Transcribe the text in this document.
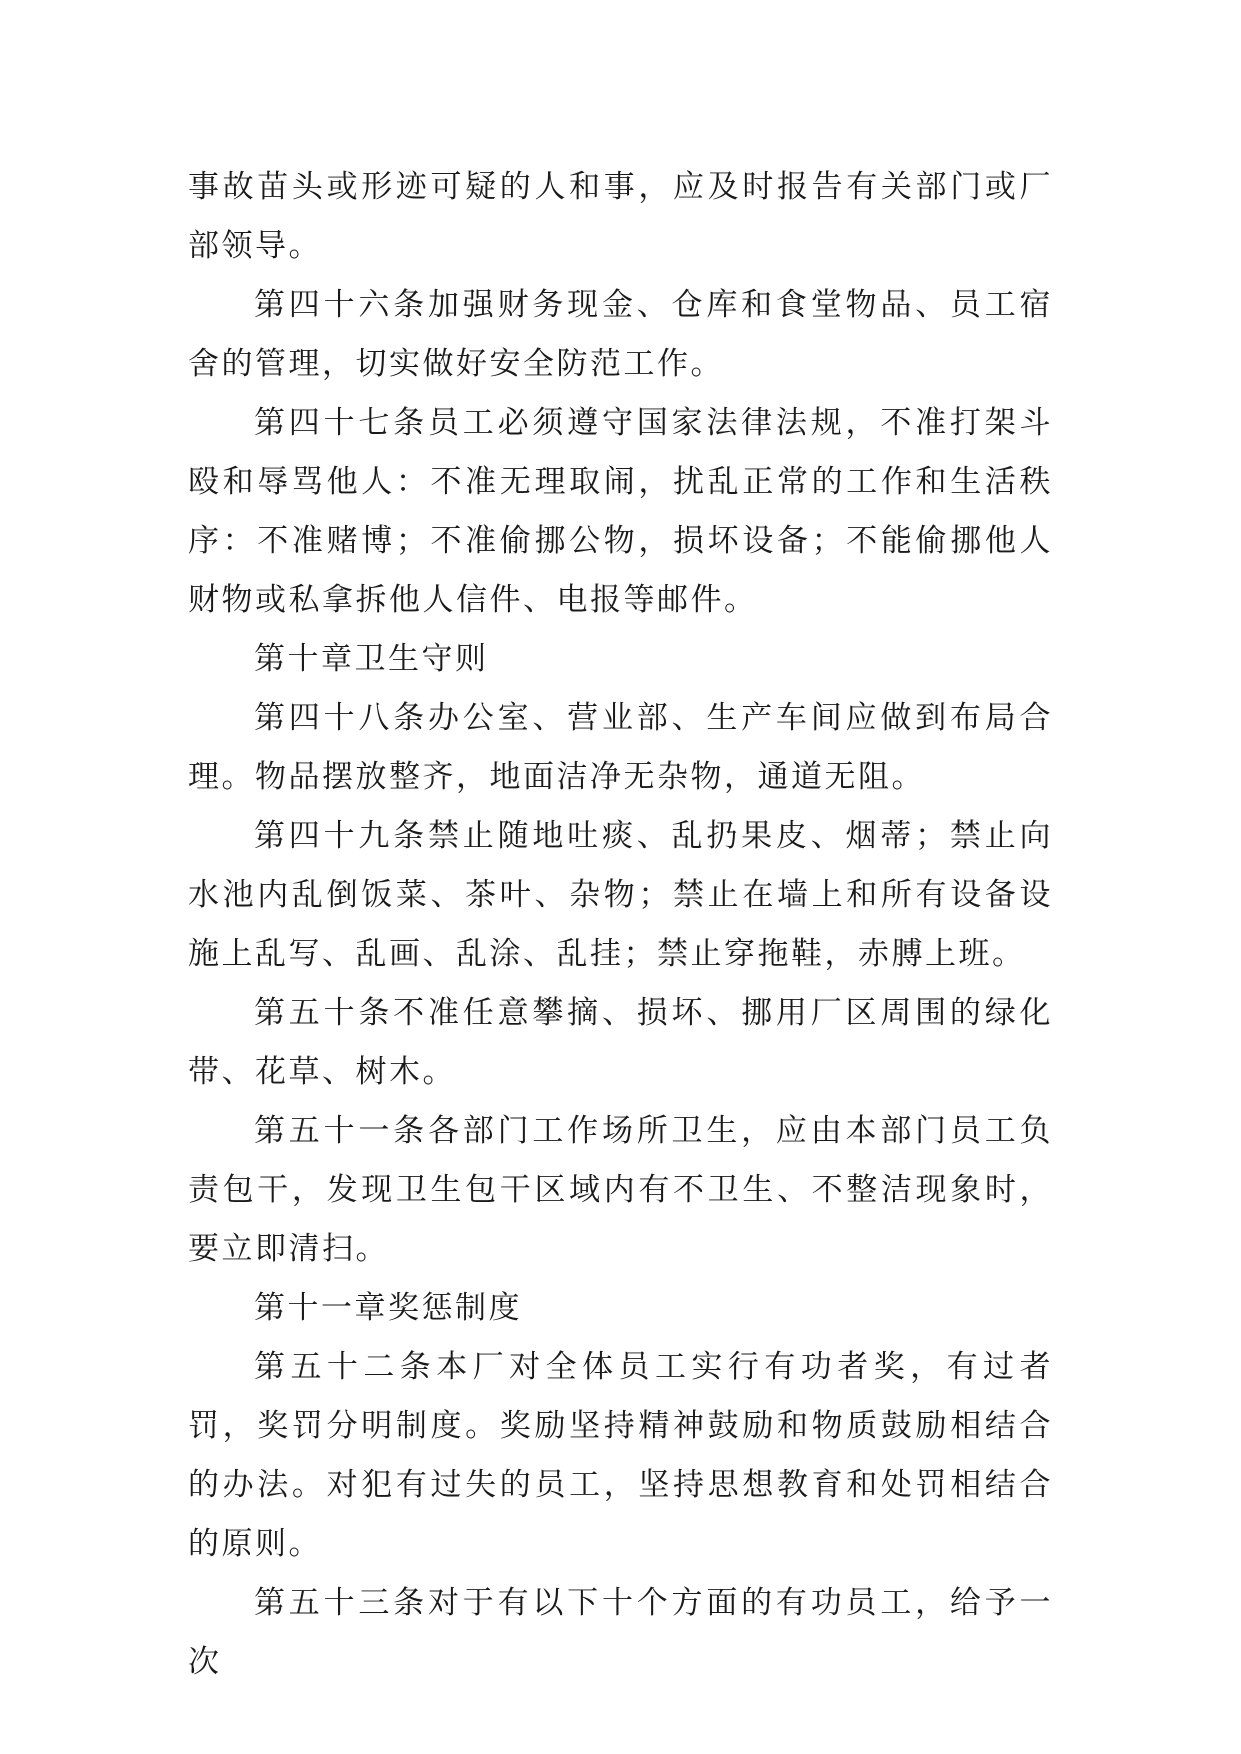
事故苗头或形迹可疑的人和事，应及时报告有关部门或厂部领导。

第四十六条加强财务现金、仓库和食堂物品、员工宿舍的管理，切实做好安全防范工作。

第四十七条员工必须遵守国家法律法规，不准打架斗殴和辱骂他人：不准无理取闹，扰乱正常的工作和生活秩序：不准赌博；不准偷挪公物，损坏设备；不能偷挪他人财物或私拿拆他人信件、电报等邮件。

第十章卫生守则

第四十八条办公室、营业部、生产车间应做到布局合理。物品摆放整齐，地面洁净无杂物，通道无阻。

第四十九条禁止随地吐痰、乱扔果皮、烟蒂；禁止向水池内乱倒饭菜、茶叶、杂物；禁止在墙上和所有设备设施上乱写、乱画、乱涂、乱挂；禁止穿拖鞋，赤膊上班。

第五十条不准任意攀摘、损坏、挪用厂区周围的绿化带、花草、树木。

第五十一条各部门工作场所卫生，应由本部门员工负责包干，发现卫生包干区域内有不卫生、不整洁现象时，要立即清扫。

第十一章奖惩制度

第五十二条本厂对全体员工实行有功者奖，有过者罚，奖罚分明制度。奖励坚持精神鼓励和物质鼓励相结合的办法。对犯有过失的员工，坚持思想教育和处罚相结合的原则。

第五十三条对于有以下十个方面的有功员工，给予一次
